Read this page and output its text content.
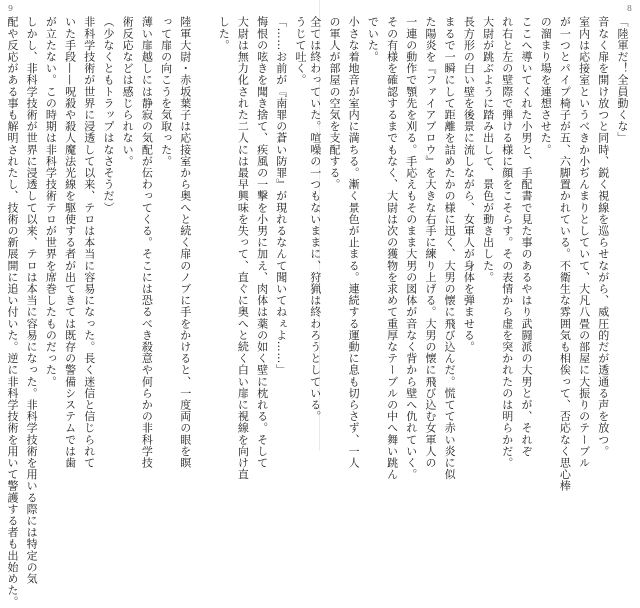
9
うじて吐く。
「……お前が『南罪の蒼い防罪』が現れるなんて聞いてねぇよ……」
悔恨の呟きを聞き捨て、疾風の一撃を小男に加え、肉体は薬の如く壁に枕れる。そして
大尉は無力化された二人には最早興味を失って、直ぐに奥へと続く白い扉に視線を向け直
した。

陸軍大尉・赤坂葉子は応接室から奥へと続く扉のノブに手をかけると、一度両の眼を瞑
って扉の向こうを気取った。
薄い扉越しには静寂の気配が伝わってくる。そこには恐るべき殺意や何らかの非科学技
術反応などは感じられない。
（少なくともトラップはなさそうだ）
非科学技術が世界に浸透して以来、テロは本当に容易になった。長く迷信と信じられて
いた手段——呪殺や殺人魔法光線を駆使する者が出てきては既存の警備システムでは歯
が立たない。この時期は非科学技術テロが世界を席巻したものだった。
しかし、非科学技術が世界に浸透して以来、テロは本当に容易になった。非科学技術を用いる際には特定の気
配や反応がある事も解明されたし、技術の新展開に追い付いた。逆に非科学技術を用いて警護する者も出始めた。
8
「陸軍だ！全員動くな」
音なく扉を開け放つと同時、鋭く視線を巡らせながら、威圧的だが透通る声を放つ。
室内は応接室というべきか小ぢんまりとしていて、大凡八畳の部屋に大振りのテーブル
が一つとパイプ椅子が五、六脚置かれている。不衛生な雰囲気も相俟って、否応なく思心棒
の溜まり場を連想させた。
ここへ導いてくれた小男と、手配書で見た事のあるやはり武闘派の大男とが、それぞ
れ右と左の壁際で弾ける様に顔をこそらす。その表情から虚を突かれたのは明らかだ。
大尉が跳ぶように踏み出して、景色が動き出した。
長方形の白い壁を後景に流しながら、女軍人が身体を弾ませる。
まるで一瞬にして距離を詰めたかの様に迅く、大男の懐に飛び込んだ。慌てて赤い炎に似
た陽炎を『ファイアブロウ』を大きな右手に練り上げる。大男の懐に飛び込む女軍人の
一連の動作で顎先を刈る。手応えもそのまま大男の図体が音なく背から壁へ仇れていく。
その有様を確認するまでもなく、大尉は次の獲物を求めて重厚なテーブルの中へ舞い跳ん
でいた。
小さな着地音が室内に満ちる。漸く景色が止まる。連続する運動に息も切らさず、一人
の軍人が部屋の空気を支配する。
全ては終わっていた。喧噪の一つもないままに、狩猟は終わろうとしている。
